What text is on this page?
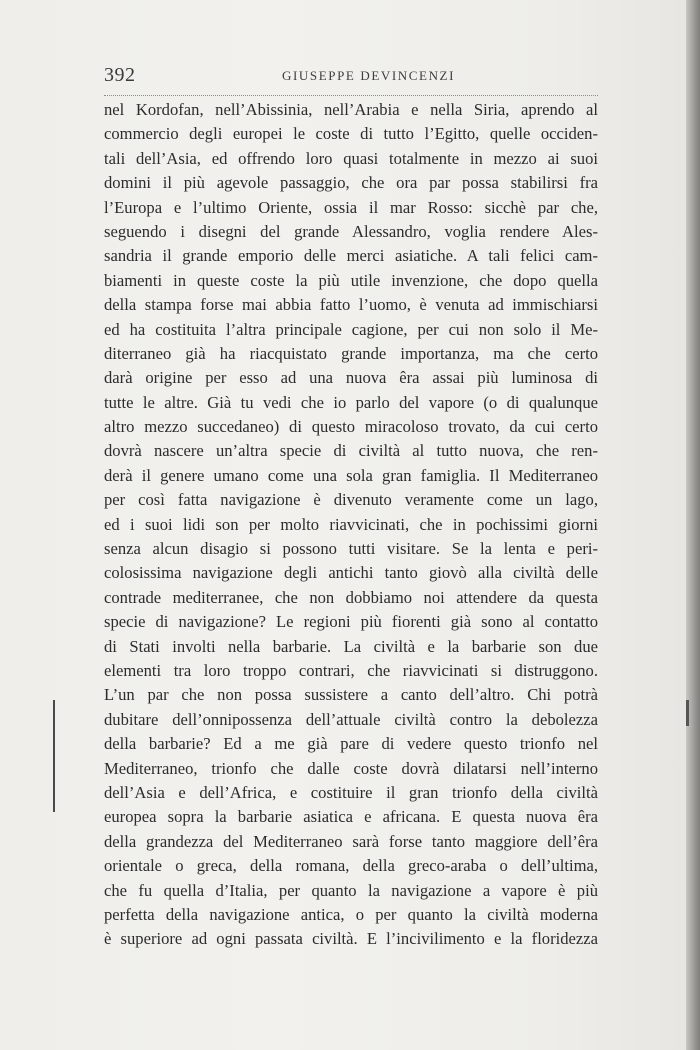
392	GIUSEPPE DEVINCENZI
nel Kordofan, nell’Abissinia, nell’Arabia e nella Siria, aprendo al
commercio degli europei le coste di tutto l’Egitto, quelle occiden-
tali dell’Asia, ed offrendo loro quasi totalmente in mezzo ai suoi
domini il più agevole passaggio, che ora par possa stabilirsi fra
l’Europa e l’ultimo Oriente, ossia il mar Rosso: sicchè par che,
seguendo i disegni del grande Alessandro, voglia rendere Ales-
sandria il grande emporio delle merci asiatiche. A tali felici cam-
biamenti in queste coste la più utile invenzione, che dopo quella
della stampa forse mai abbia fatto l’uomo, è venuta ad immischiarsi
ed ha costituita l’altra principale cagione, per cui non solo il Me-
diterraneo già ha riacquistato grande importanza, ma che certo
darà origine per esso ad una nuova êra assai più luminosa di
tutte le altre. Già tu vedi che io parlo del vapore (o di qualunque
altro mezzo succedaneo) di questo miracoloso trovato, da cui certo
dovrà nascere un’altra specie di civiltà al tutto nuova, che ren-
derà il genere umano come una sola gran famiglia. Il Mediterraneo
per così fatta navigazione è divenuto veramente come un lago,
ed i suoi lidi son per molto riavvicinati, che in pochissimi giorni
senza alcun disagio si possono tutti visitare. Se la lenta e peri-
colosissima navigazione degli antichi tanto giovò alla civiltà delle
contrade mediterranee, che non dobbiamo noi attendere da questa
specie di navigazione? Le regioni più fiorenti già sono al contatto
di Stati involti nella barbarie. La civiltà e la barbarie son due
elementi tra loro troppo contrari, che riavvicinati si distruggono.
L’un par che non possa sussistere a canto dell’altro. Chi potrà
dubitare dell’onnipossenza dell’attuale civiltà contro la debolezza
della barbarie? Ed a me già pare di vedere questo trionfo nel
Mediterraneo, trionfo che dalle coste dovrà dilatarsi nell’interno
dell’Asia e dell’Africa, e costituire il gran trionfo della civiltà
europea sopra la barbarie asiatica e africana. E questa nuova êra
della grandezza del Mediterraneo sarà forse tanto maggiore dell’êra
orientale o greca, della romana, della greco-araba o dell’ultima,
che fu quella d’Italia, per quanto la navigazione a vapore è più
perfetta della navigazione antica, o per quanto la civiltà moderna
è superiore ad ogni passata civiltà. E l’incivilimento e la floridezza
